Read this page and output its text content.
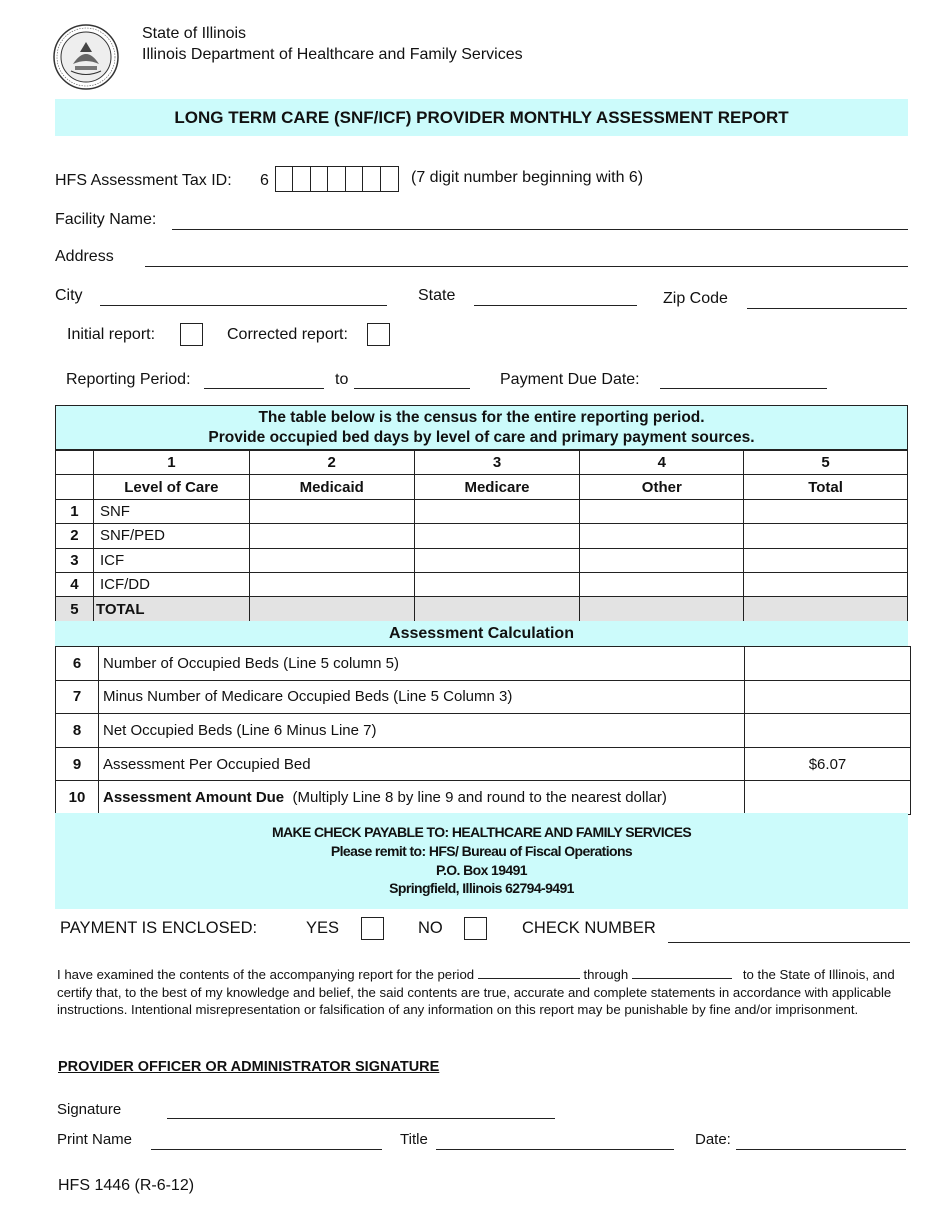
State of Illinois
Illinois Department of Healthcare and Family Services
LONG TERM CARE (SNF/ICF) PROVIDER MONTHLY ASSESSMENT REPORT
HFS Assessment Tax ID: 6	(7 digit number beginning with 6)
Facility Name:
Address
City	State	Zip Code
Initial report:	Corrected report:
Reporting Period:	to	Payment Due Date:
The table below is the census for the entire reporting period.
Provide occupied bed days by level of care and primary payment sources.
	1	2	3	4	5
	Level of Care	Medicaid	Medicare	Other	Total
1	SNF				
2	SNF/PED				
3	ICF				
4	ICF/DD				
5	TOTAL				
Assessment Calculation
6	Number of Occupied Beds (Line 5 column 5)	
7	Minus Number of Medicare Occupied Beds (Line 5 Column 3)	
8	Net Occupied Beds (Line 6 Minus Line 7)	
9	Assessment Per Occupied Bed	$6.07
10	Assessment Amount Due (Multiply Line 8 by line 9 and round to the nearest dollar)	
MAKE CHECK PAYABLE TO: HEALTHCARE AND FAMILY SERVICES
Please remit to: HFS/ Bureau of Fiscal Operations
P.O. Box 19491
Springfield, Illinois 62794-9491
PAYMENT IS ENCLOSED:	YES	NO	CHECK NUMBER
I have examined the contents of the accompanying report for the period	through	to the State of Illinois, and certify that, to the best of my knowledge and belief, the said contents are true, accurate and complete statements in accordance with applicable instructions. Intentional misrepresentation or falsification of any information on this report may be punishable by fine and/or imprisonment.
PROVIDER OFFICER OR ADMINISTRATOR SIGNATURE
Signature
Print Name	Title	Date:
HFS 1446 (R-6-12)
